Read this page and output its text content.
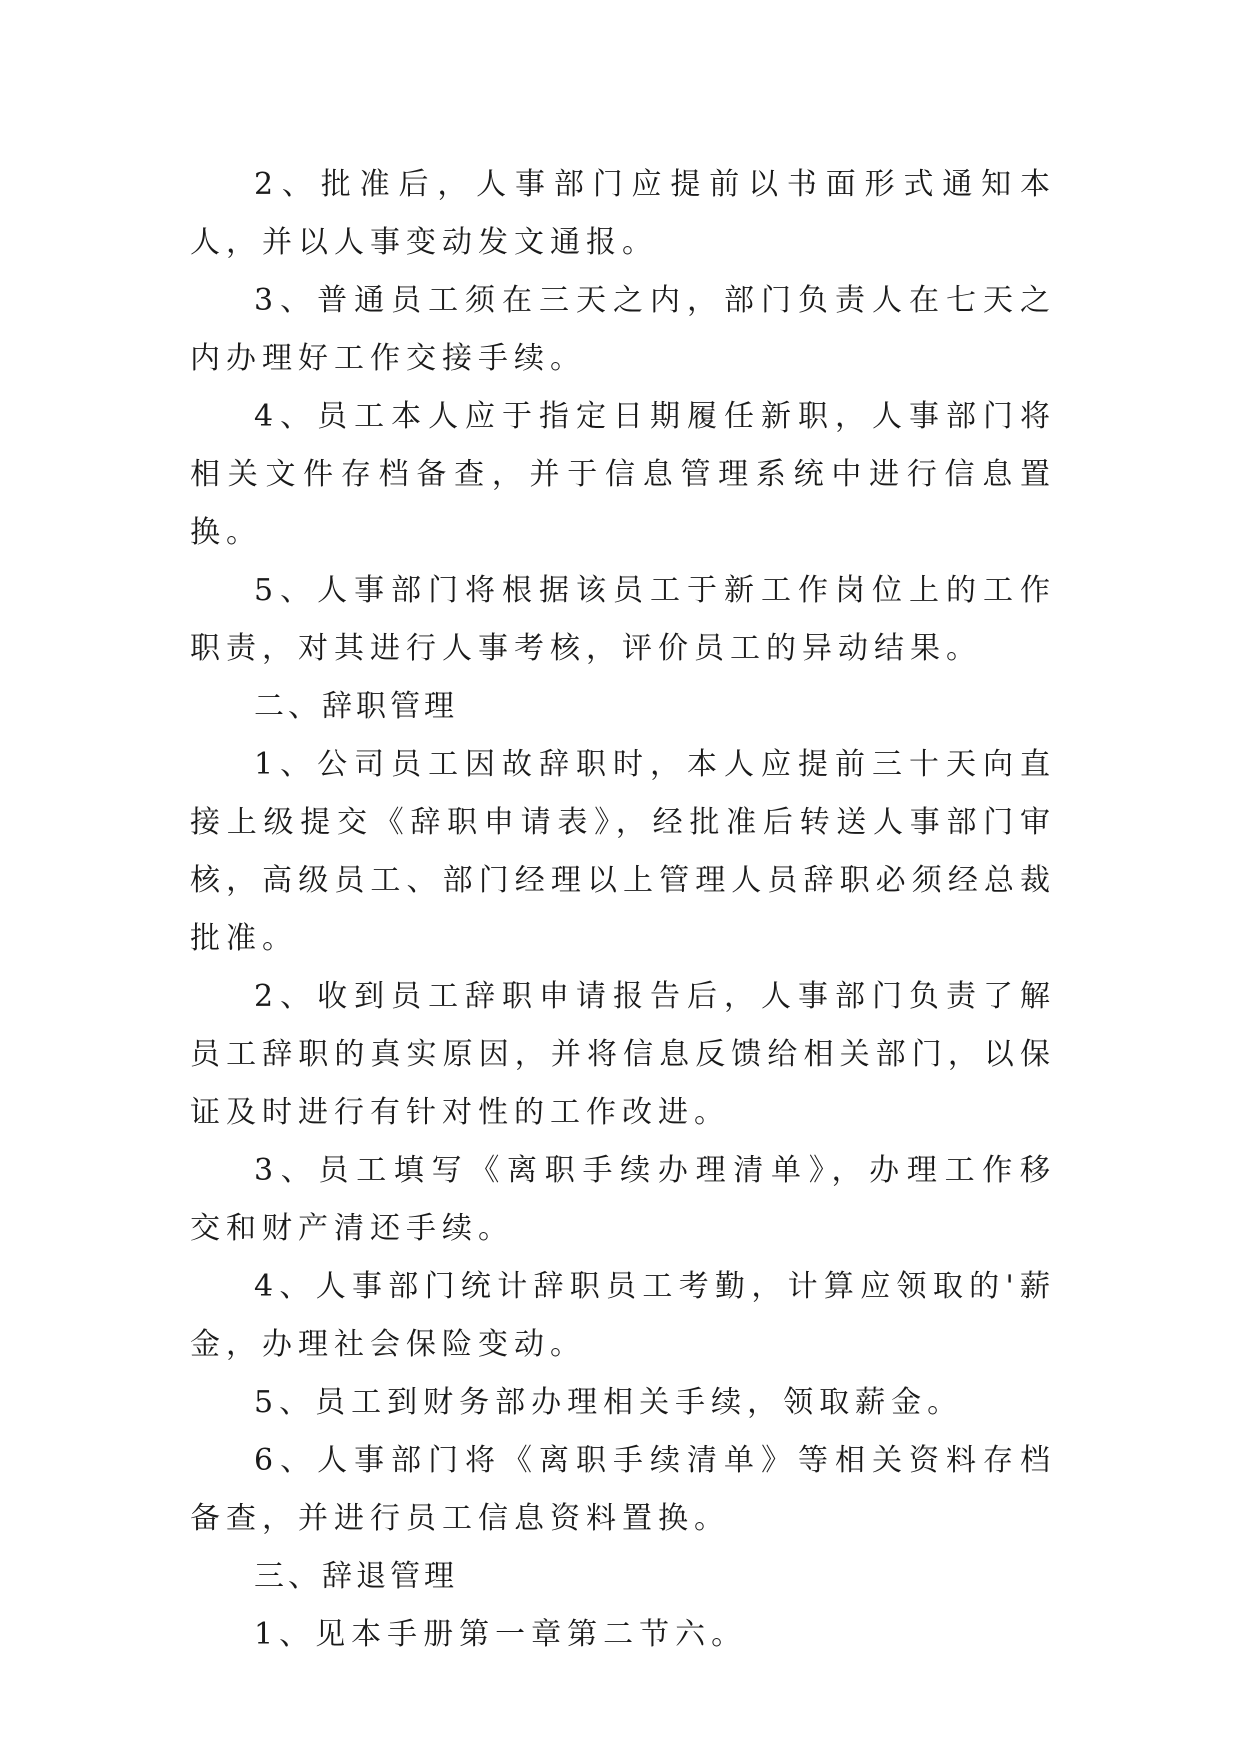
2、批准后，人事部门应提前以书面形式通知本人，并以人事变动发文通报。

3、普通员工须在三天之内，部门负责人在七天之内办理好工作交接手续。

4、员工本人应于指定日期履任新职，人事部门将相关文件存档备查，并于信息管理系统中进行信息置换。

5、人事部门将根据该员工于新工作岗位上的工作职责，对其进行人事考核，评价员工的异动结果。

二、辞职管理

1、公司员工因故辞职时，本人应提前三十天向直接上级提交《辞职申请表》，经批准后转送人事部门审核，高级员工、部门经理以上管理人员辞职必须经总裁批准。

2、收到员工辞职申请报告后，人事部门负责了解员工辞职的真实原因，并将信息反馈给相关部门，以保证及时进行有针对性的工作改进。

3、员工填写《离职手续办理清单》，办理工作移交和财产清还手续。

4、人事部门统计辞职员工考勤，计算应领取的'薪金，办理社会保险变动。

5、员工到财务部办理相关手续，领取薪金。

6、人事部门将《离职手续清单》等相关资料存档备查，并进行员工信息资料置换。

三、辞退管理

1、见本手册第一章第二节六。
